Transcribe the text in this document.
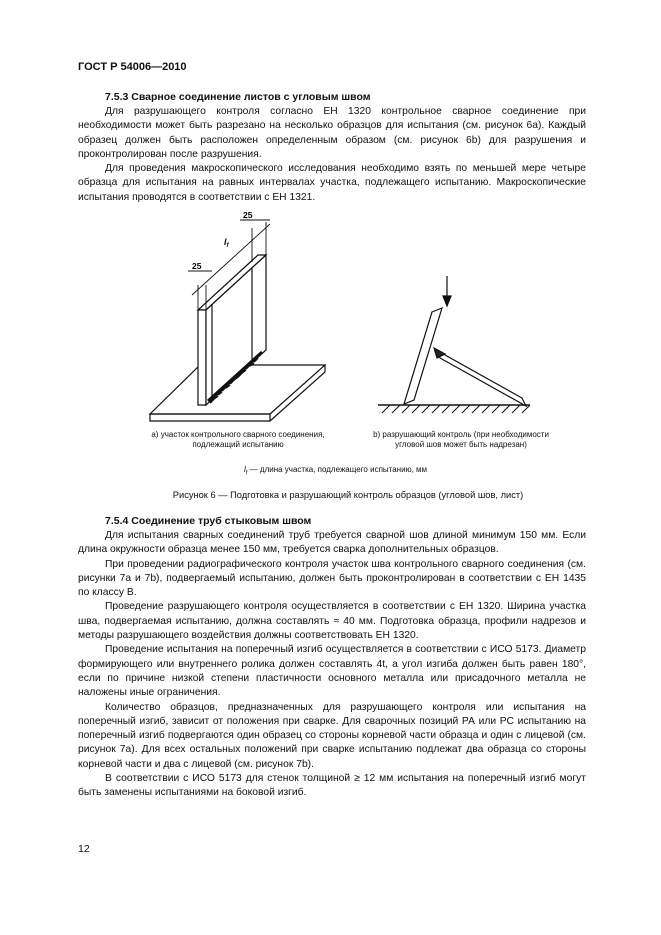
ГОСТ Р 54006—2010
7.5.3 Сварное соединение листов с угловым швом

Для разрушающего контроля согласно ЕН 1320 контрольное сварное соединение при необходимости может быть разрезано на несколько образцов для испытания (см. рисунок 6а). Каждый образец должен быть расположен определенным образом (см. рисунок 6b) для разрушения и проконтролирован после разрушения.

Для проведения макроскопического исследования необходимо взять по меньшей мере четыре образца для испытания на равных интервалах участка, подлежащего испытанию. Макроскопические испытания проводятся в соответствии с ЕН 1321.

25
25
$l_f$
а) участок контрольного сварного соединения,
подлежащий испытанию
b) разрушающий контроль (при необходимости
угловой шов может быть надрезан)
$l_f$ — длина участка, подлежащего испытанию, мм
Рисунок 6 — Подготовка и разрушающий контроль образцов (угловой шов, лист)
7.5.4 Соединение труб стыковым швом

Для испытания сварных соединений труб требуется сварной шов длиной минимум 150 мм. Если длина окружности образца менее 150 мм, требуется сварка дополнительных образцов.

При проведении радиографического контроля участок шва контрольного сварного соединения (см. рисунки 7а и 7b), подвергаемый испытанию, должен быть проконтролирован в соответствии с ЕН 1435 по классу В.

Проведение разрушающего контроля осуществляется в соответствии с ЕН 1320. Ширина участка шва, подвергаемая испытанию, должна составлять ≈ 40 мм. Подготовка образца, профили надрезов и методы разрушающего воздействия должны соответствовать ЕН 1320.

Проведение испытания на поперечный изгиб осуществляется в соответствии с ИСО 5173. Диаметр формирующего или внутреннего ролика должен составлять 4t, а угол изгиба должен быть равен 180°, если по причине низкой степени пластичности основного металла или присадочного металла не наложены иные ограничения.

Количество образцов, предназначенных для разрушающего контроля или испытания на поперечный изгиб, зависит от положения при сварке. Для сварочных позиций РА или РС испытанию на поперечный изгиб подвергаются один образец со стороны корневой части образца и один с лицевой (см. рисунок 7а). Для всех остальных положений при сварке испытанию подлежат два образца со стороны корневой части и два с лицевой (см. рисунок 7b).

В соответствии с ИСО 5173 для стенок толщиной ≥ 12 мм испытания на поперечный изгиб могут быть заменены испытаниями на боковой изгиб.

12
